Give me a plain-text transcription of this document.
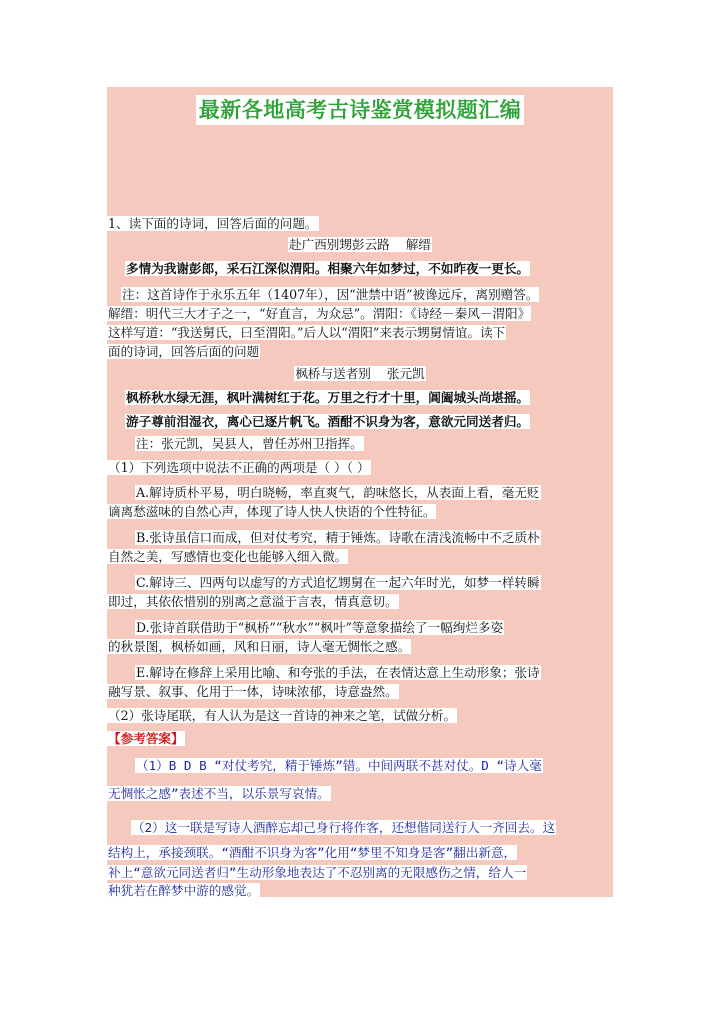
最新各地高考古诗鉴赏模拟题汇编
1、读下面的诗词，回答后面的问题。
赴广西别甥彭云路 解缙
多情为我谢彭郎，采石江深似渭阳。相聚六年如梦过，不如昨夜一更长。
注：这首诗作于永乐五年（1407年），因“泄禁中语”被谗远斥，离别赠答。
解缙：明代三大才子之一，“好直言，为众忌”。渭阳：《诗经－秦风－渭阳》
这样写道：“我送舅氏，曰至渭阳。”后人以“渭阳”来表示甥舅情谊。读下
面的诗词，回答后面的问题
枫桥与送者别 张元凯
枫桥秋水绿无涯，枫叶满树红于花。万里之行才十里，阊阖城头尚堪摇。
游子尊前泪湿衣，离心已逐片帆飞。酒酣不识身为客，意欲元同送者归。
注：张元凯，吴县人，曾任苏州卫指挥。
（1）下列选项中说法不正确的两项是（ ）（ ）
A.解诗质朴平易，明白晓畅，率直爽气，韵味悠长，从表面上看，毫无贬
谪离愁滋味的自然心声，体现了诗人快人快语的个性特征。
B.张诗虽信口而成，但对仗考究，精于锤炼。诗歌在清浅流畅中不乏质朴
自然之美，写感情也变化也能够入细入微。
C.解诗三、四两句以虚写的方式追忆甥舅在一起六年时光，如梦一样转瞬
即过，其依依惜别的别离之意溢于言表，情真意切。
D.张诗首联借助于“枫桥”“秋水”“枫叶”等意象描绘了一幅绚烂多姿
的秋景图，枫桥如画，风和日丽，诗人毫无惆怅之感。
E.解诗在修辞上采用比喻、和夸张的手法，在表情达意上生动形象；张诗
融写景、叙事、化用于一体，诗味浓郁，诗意盎然。
（2）张诗尾联，有人认为是这一首诗的神来之笔，试做分析。
【参考答案】
（1）B D B “对仗考究，精于锤炼”错。中间两联不甚对仗。D “诗人毫
无惆怅之感”表述不当，以乐景写哀情。
（2）这一联是写诗人酒醉忘却己身行将作客，还想偕同送行人一齐回去。这
结构上，承接颈联。“酒酣不识身为客”化用“梦里不知身是客”翻出新意，
补上“意欲元同送者归”生动形象地表达了不忍别离的无限感伤之情，给人一
种犹若在醉梦中游的感觉。
